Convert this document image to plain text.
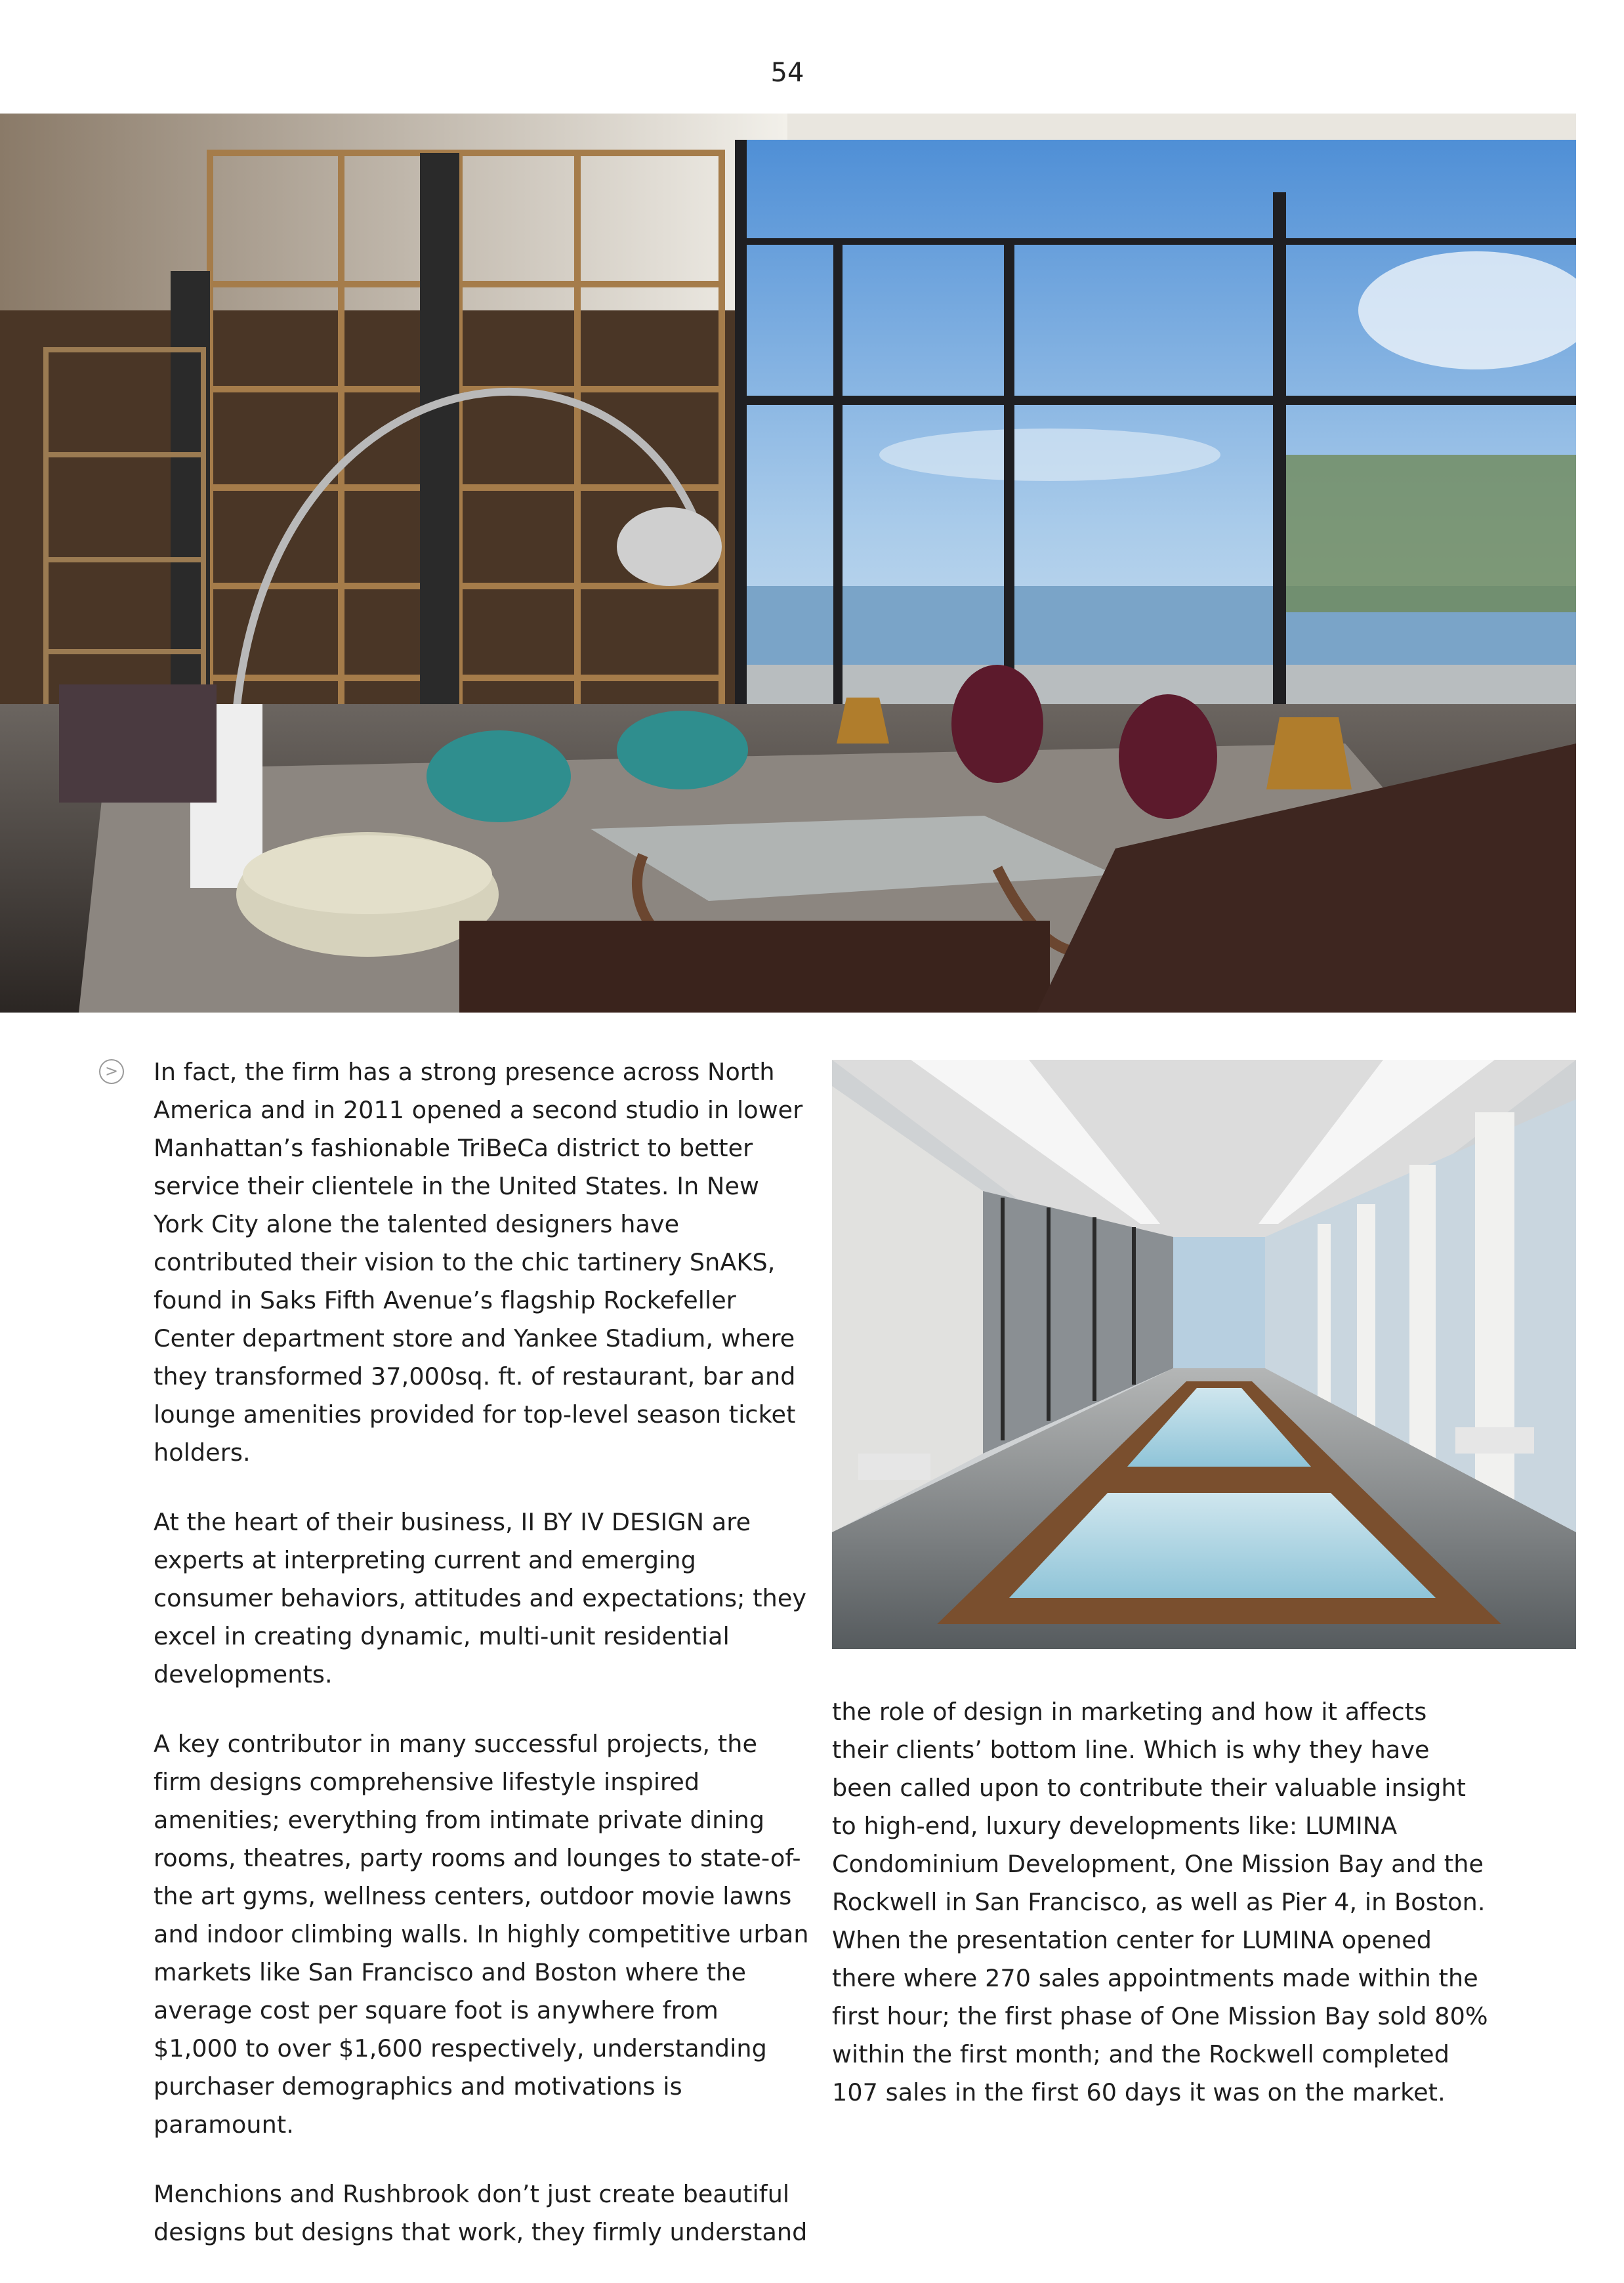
54
> In fact, the firm has a strong presence across North America and in 2011 opened a second studio in lower Manhattan’s fashionable TriBeCa district to better service their clientele in the United States. In New York City alone the talented designers have contributed their vision to the chic tartinery SnAKS, found in Saks Fifth Avenue’s flagship Rockefeller Center department store and Yankee Stadium, where they transformed 37,000sq. ft. of restaurant, bar and lounge amenities provided for top-level season ticket holders.

At the heart of their business, II BY IV DESIGN are experts at interpreting current and emerging consumer behaviors, attitudes and expectations; they excel in creating dynamic, multi-unit residential developments.

A key contributor in many successful projects, the firm designs comprehensive lifestyle inspired amenities; everything from intimate private dining rooms, theatres, party rooms and lounges to state-of-the art gyms, wellness centers, outdoor movie lawns and indoor climbing walls. In highly competitive urban markets like San Francisco and Boston where the average cost per square foot is anywhere from $1,000 to over $1,600 respectively, understanding purchaser demographics and motivations is paramount.

Menchions and Rushbrook don’t just create beautiful designs but designs that work, they firmly understand

the role of design in marketing and how it affects their clients’ bottom line. Which is why they have been called upon to contribute their valuable insight to high-end, luxury developments like: LUMINA Condominium Development, One Mission Bay and the Rockwell in San Francisco, as well as Pier 4, in Boston. When the presentation center for LUMINA opened there where 270 sales appointments made within the first hour; the first phase of One Mission Bay sold 80% within the first month; and the Rockwell completed 107 sales in the first 60 days it was on the market.
